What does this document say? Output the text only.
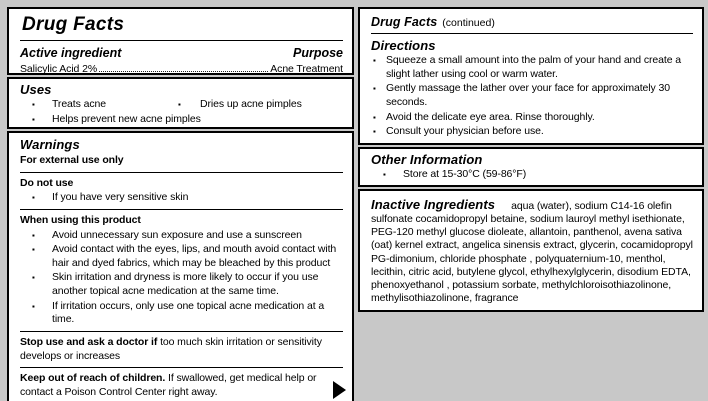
Drug Facts
Active ingredient	Purpose
Salicylic Acid 2%	Acne Treatment
Uses
▪	Treats acne	▪	Dries up acne pimples
▪	Helps prevent new acne pimples
Warnings
For external use only
Do not use
▪	If you have very sensitive skin
When using this product
▪	Avoid unnecessary sun exposure and use a sunscreen
▪	Avoid contact with the eyes, lips, and mouth avoid contact with hair and dyed fabrics, which may be bleached by this product
▪	Skin irritation and dryness is more likely to occur if you use another topical acne medication at the same time.
▪	If irritation occurs, only use one topical acne medication at a time.
Stop use and ask a doctor if too much skin irritation or sensitivity develops or increases
Keep out of reach of children. If swallowed, get medical help or contact a Poison Control Center right away.
Drug Facts (continued)
Directions
▪ Squeeze a small amount into the palm of your hand and create a slight lather using cool or warm water.
▪ Gently massage the lather over your face for approximately 30 seconds.
▪ Avoid the delicate eye area. Rinse thoroughly.
▪ Consult your physician before use.
Other Information
▪	Store at 15-30°C (59-86°F)

Inactive Ingredients aqua (water), sodium C14-16 olefin sulfonate cocamidopropyl betaine, sodium lauroyl methyl isethionate, PEG-120 methyl glucose dioleate, allantoin, panthenol, avena sativa (oat) kernel extract, angelica sinensis extract, glycerin, cocamidopropyl PG-dimonium, chloride phosphate , polyquaternium-10, menthol, lecithin, citric acid, butylene glycol, ethylhexylglycerin, disodium EDTA, phenoxyethanol , potassium sorbate, methylchloroisothiazolinone, methylisothiazolinone, fragrance
